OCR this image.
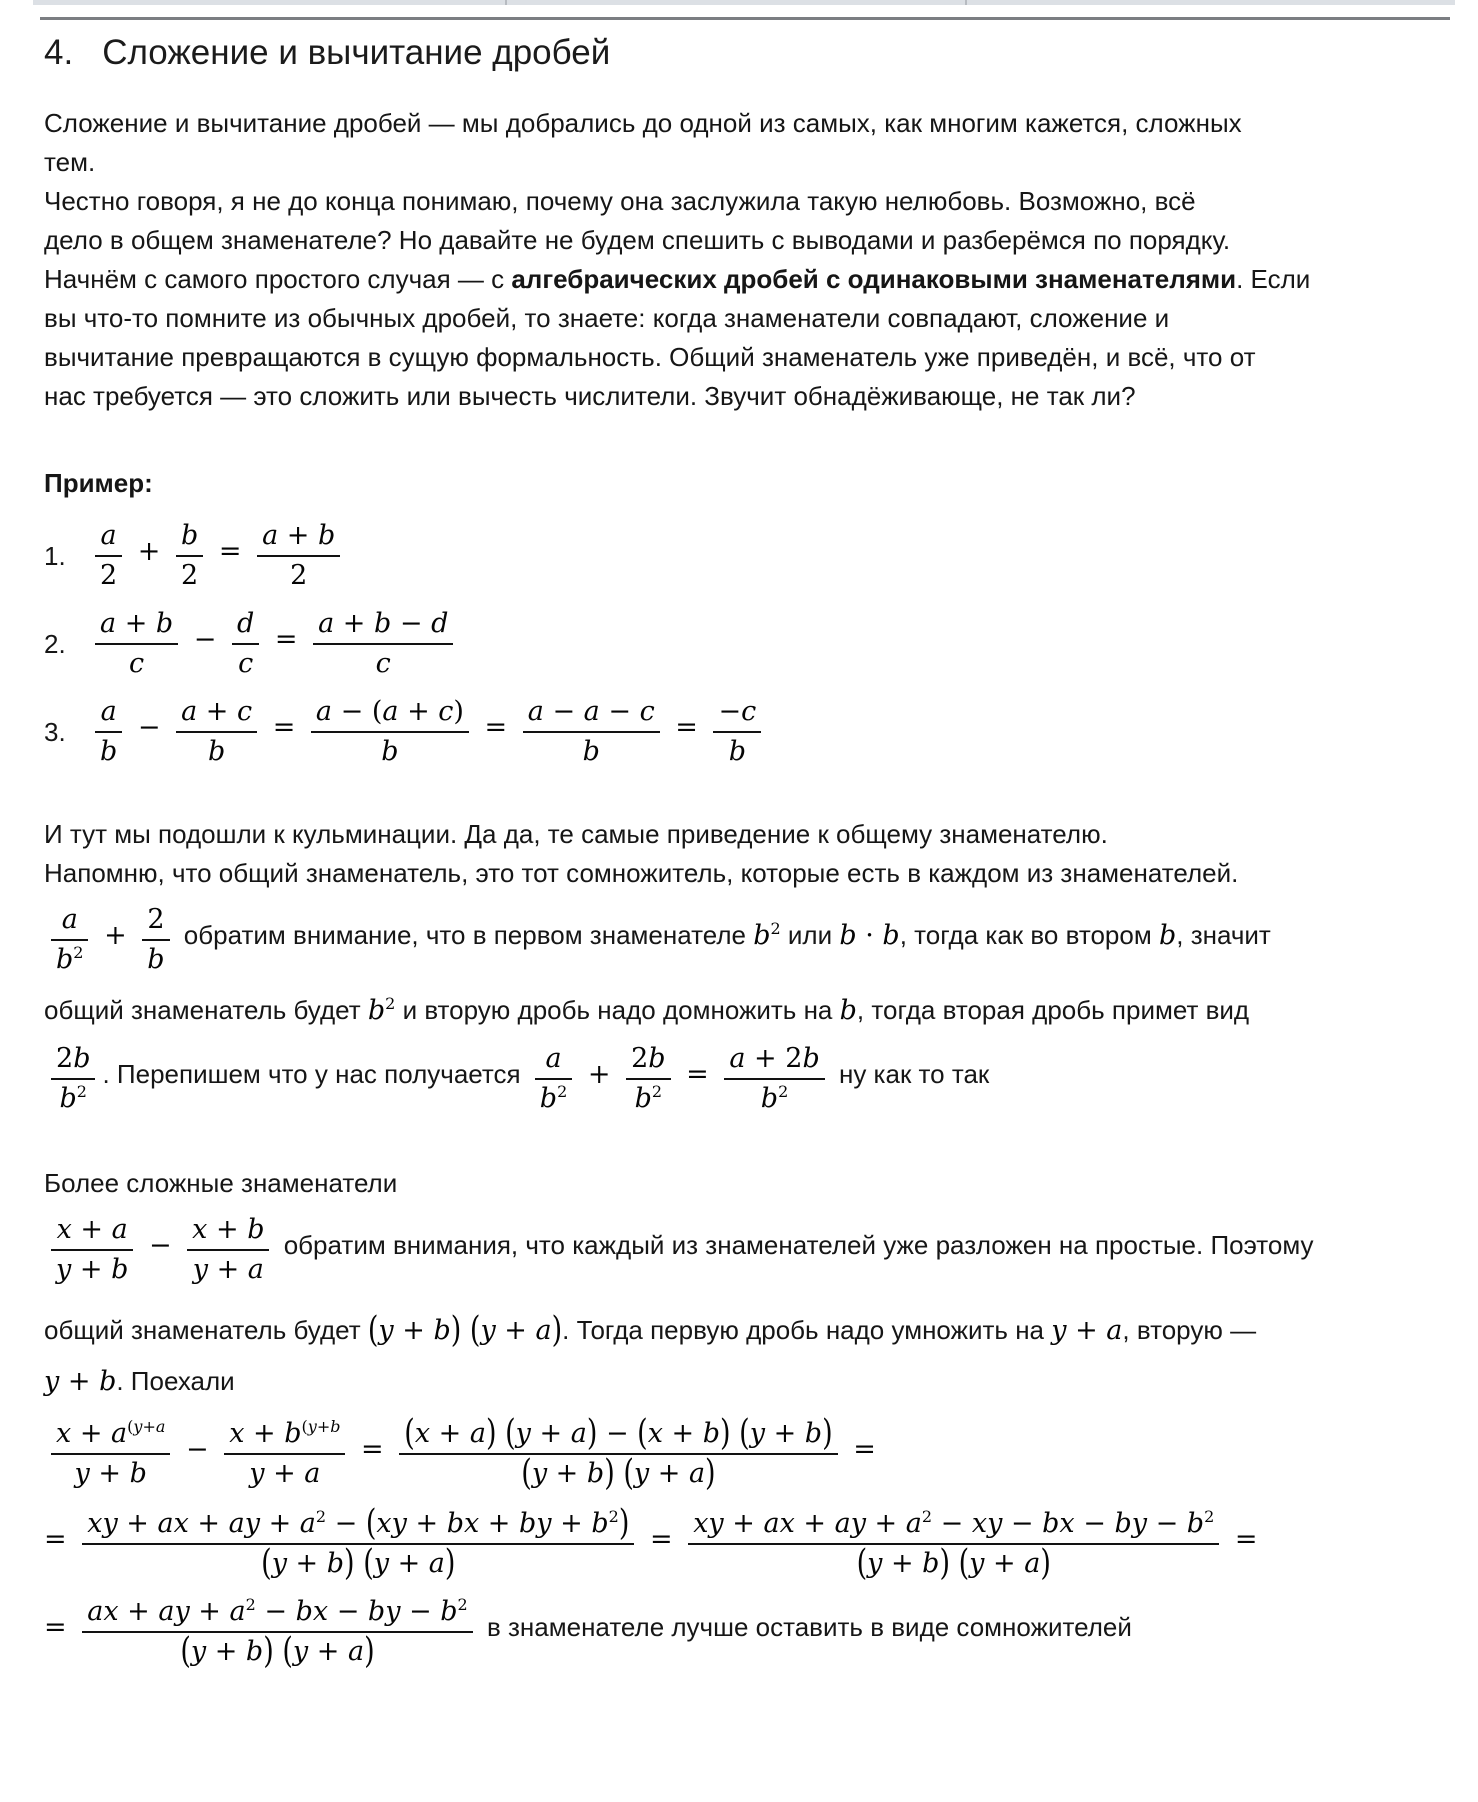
4. Сложение и вычитание дробей
Сложение и вычитание дробей — мы добрались до одной из самых, как многим кажется, сложных
тем.
Честно говоря, я не до конца понимаю, почему она заслужила такую нелюбовь. Возможно, всё
дело в общем знаменателе? Но давайте не будем спешить с выводами и разберёмся по порядку.
Начнём с самого простого случая — с алгебраических дробей с одинаковыми знаменателями. Если
вы что-то помните из обычных дробей, то знаете: когда знаменатели совпадают, сложение и
вычитание превращаются в сущую формальность. Общий знаменатель уже приведён, и всё, что от
нас требуется — это сложить или вычесть числители. Звучит обнадёживающе, не так ли?
Пример:
1. $\frac{a}{2} + \frac{b}{2} = \frac{a + b}{2}$
2. $\frac{a + b}{c} - \frac{d}{c} = \frac{a + b - d}{c}$
3. $\frac{a}{b} - \frac{a + c}{b} = \frac{a - (a + c)}{b} = \frac{a - a - c}{b} = \frac{-c}{b}$
И тут мы подошли к кульминации. Да да, те самые приведение к общему знаменателю.
Напомню, что общий знаменатель, это тот сомножитель, которые есть в каждом из знаменателей.
$\frac{a}{b^2} + \frac{2}{b}$ обратим внимание, что в первом знаменателе $b^2$ или b · b, тогда как во втором b, значит
общий знаменатель будет $b^2$ и вторую дробь надо домножить на b, тогда вторая дробь примет вид
$\frac{2b}{b^2}$ . Перепишем что у нас получается $\frac{a}{b^2} + \frac{2b}{b^2} = \frac{a + 2b}{b^2}$ ну как то так
Более сложные знаменатели
$\frac{x + a}{y + b} - \frac{x + b}{y + a}$ обратим внимания, что каждый из знаменателей уже разложен на простые. Поэтому
общий знаменатель будет (y + b) (y + a). Тогда первую дробь надо умножить на y + a, вторую —
y + b. Поехали
$\frac{x + a^{(y+a}}{y + b} - \frac{x + b^{(y+b}}{y + a} = \frac{(x + a) (y + a) - (x + b) (y + b)}{(y + b) (y + a)}$ =
= $\frac{xy + ax + ay + a^2 - (xy + bx + by + b^2)}{(y + b) (y + a)} = \frac{xy + ax + ay + a^2 - xy - bx - by - b^2}{(y + b) (y + a)}$ =
= $\frac{ax + ay + a^2 - bx - by - b^2}{(y + b) (y + a)}$ в знаменателе лучше оставить в виде сомножителей
